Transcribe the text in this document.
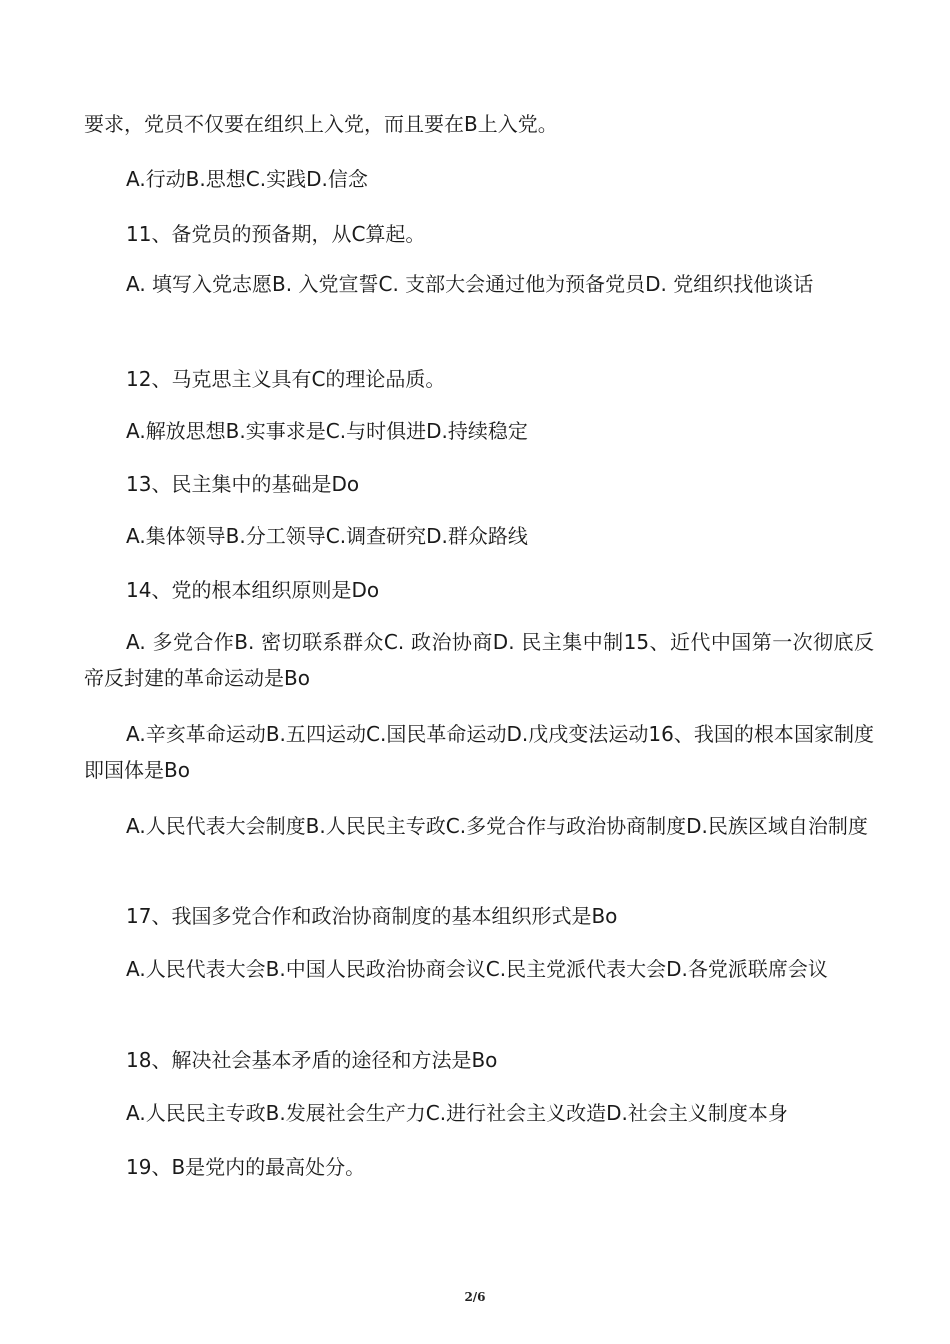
要求，党员不仅要在组织上入党，而且要在B上入党。

A.行动B.思想C.实践D.信念

11、备党员的预备期，从C算起。

A. 填写入党志愿B. 入党宣誓C. 支部大会通过他为预备党员D. 党组织找他谈话

12、马克思主义具有C的理论品质。

A.解放思想B.实事求是C.与时俱进D.持续稳定

13、民主集中的基础是Do

A.集体领导B.分工领导C.调查研究D.群众路线

14、党的根本组织原则是Do

A. 多党合作B. 密切联系群众C. 政治协商D. 民主集中制15、近代中国第一次彻底反帝反封建的革命运动是Bo

A.辛亥革命运动B.五四运动C.国民革命运动D.戊戌变法运动16、我国的根本国家制度即国体是Bo

A.人民代表大会制度B.人民民主专政C.多党合作与政治协商制度D.民族区域自治制度

17、我国多党合作和政治协商制度的基本组织形式是Bo

A.人民代表大会B.中国人民政治协商会议C.民主党派代表大会D.各党派联席会议

18、解决社会基本矛盾的途径和方法是Bo

A.人民民主专政B.发展社会生产力C.进行社会主义改造D.社会主义制度本身

19、B是党内的最高处分。

2/6
